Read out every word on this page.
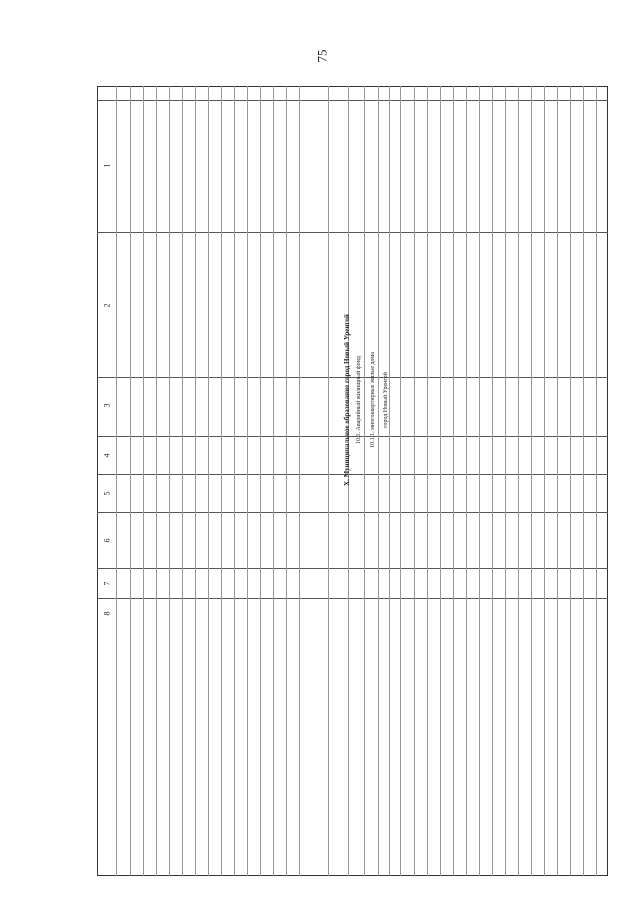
75
1
2
3
4
5
6
7
8
X. Муниципальное образование город Новый Уренгой 10.1. Аварийный жилищный фонд 10.1.1. многоквартирные жилые дома город Новый Уренгой
